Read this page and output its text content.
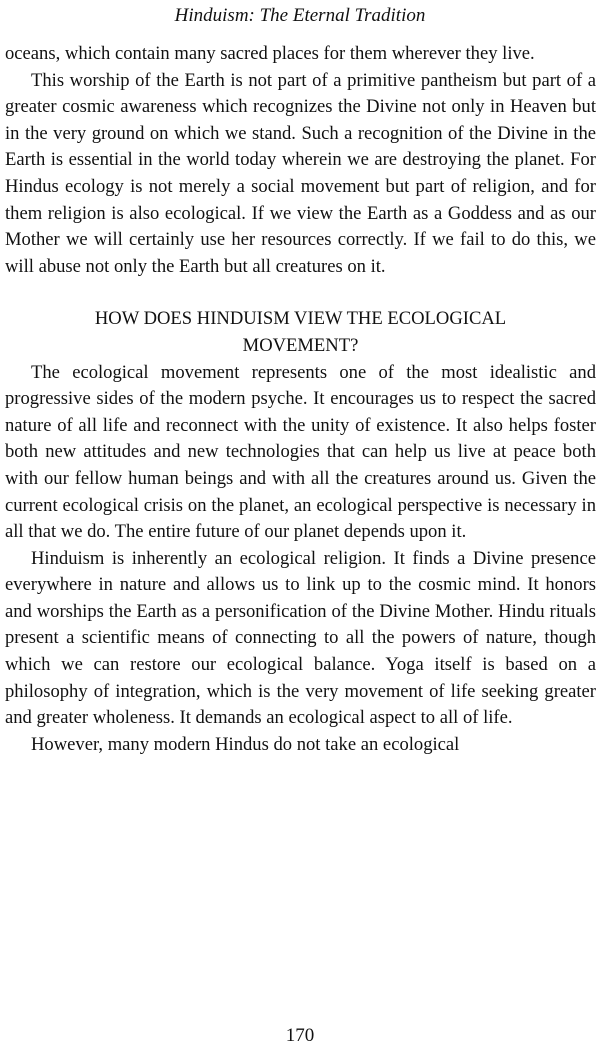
Hinduism: The Eternal Tradition

oceans, which contain many sacred places for them wherever they live.

This worship of the Earth is not part of a primitive pantheism but part of a greater cosmic awareness which recognizes the Divine not only in Heaven but in the very ground on which we stand. Such a recognition of the Divine in the Earth is essential in the world today wherein we are destroying the planet. For Hindus ecology is not merely a social movement but part of religion, and for them religion is also ecological. If we view the Earth as a Goddess and as our Mother we will certainly use her resources correctly. If we fail to do this, we will abuse not only the Earth but all creatures on it.

HOW DOES HINDUISM VIEW THE ECOLOGICAL
MOVEMENT?

The ecological movement represents one of the most idealistic and progressive sides of the modern psyche. It encourages us to respect the sacred nature of all life and reconnect with the unity of existence. It also helps foster both new attitudes and new technologies that can help us live at peace both with our fellow human beings and with all the creatures around us. Given the current ecological crisis on the planet, an ecological perspective is necessary in all that we do. The entire future of our planet depends upon it.

Hinduism is inherently an ecological religion. It finds a Divine presence everywhere in nature and allows us to link up to the cosmic mind. It honors and worships the Earth as a personification of the Divine Mother. Hindu rituals present a scientific means of connecting to all the powers of nature, though which we can restore our ecological balance. Yoga itself is based on a philosophy of integration, which is the very movement of life seeking greater and greater wholeness. It demands an ecological aspect to all of life.

However, many modern Hindus do not take an ecological

170
